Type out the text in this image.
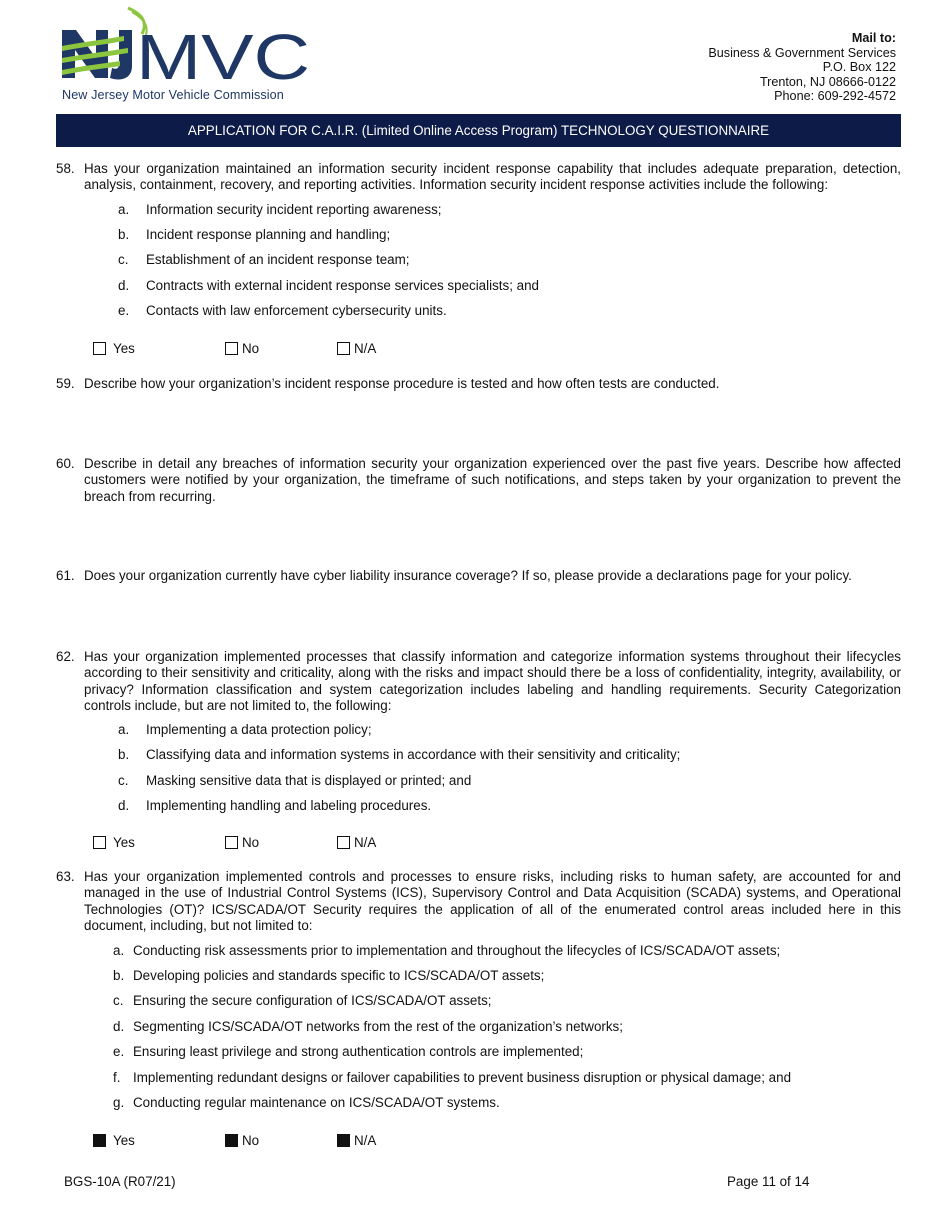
MVC
New Jersey Motor Vehicle Commission
Mail to:
Business & Government Services
P.O. Box 122
Trenton, NJ 08666-0122
Phone: 609-292-4572
APPLICATION FOR C.A.I.R. (Limited Online Access Program) TECHNOLOGY QUESTIONNAIRE
58. Has your organization maintained an information security incident response capability that includes adequate preparation, detection, analysis, containment, recovery, and reporting activities. Information security incident response activities include the following:
a. Information security incident reporting awareness;
b. Incident response planning and handling;
c. Establishment of an incident response team;
d. Contracts with external incident response services specialists; and
e. Contacts with law enforcement cybersecurity units.
Yes	No	N/A
59. Describe how your organization’s incident response procedure is tested and how often tests are conducted.
60. Describe in detail any breaches of information security your organization experienced over the past five years. Describe how affected customers were notified by your organization, the timeframe of such notifications, and steps taken by your organization to prevent the breach from recurring.
61. Does your organization currently have cyber liability insurance coverage? If so, please provide a declarations page for your policy.
62. Has your organization implemented processes that classify information and categorize information systems throughout their lifecycles according to their sensitivity and criticality, along with the risks and impact should there be a loss of confidentiality, integrity, availability, or privacy? Information classification and system categorization includes labeling and handling requirements. Security Categorization controls include, but are not limited to, the following:
a. Implementing a data protection policy;
b. Classifying data and information systems in accordance with their sensitivity and criticality;
c. Masking sensitive data that is displayed or printed; and
d. Implementing handling and labeling procedures.
Yes	No	N/A
63. Has your organization implemented controls and processes to ensure risks, including risks to human safety, are accounted for and managed in the use of Industrial Control Systems (ICS), Supervisory Control and Data Acquisition (SCADA) systems, and Operational Technologies (OT)? ICS/SCADA/OT Security requires the application of all of the enumerated control areas included here in this document, including, but not limited to:
a. Conducting risk assessments prior to implementation and throughout the lifecycles of ICS/SCADA/OT assets;
b. Developing policies and standards specific to ICS/SCADA/OT assets;
c. Ensuring the secure configuration of ICS/SCADA/OT assets;
d. Segmenting ICS/SCADA/OT networks from the rest of the organization’s networks;
e. Ensuring least privilege and strong authentication controls are implemented;
f. Implementing redundant designs or failover capabilities to prevent business disruption or physical damage; and
g. Conducting regular maintenance on ICS/SCADA/OT systems.
Yes	No	N/A
BGS-10A (R07/21)	Page 11 of 14
